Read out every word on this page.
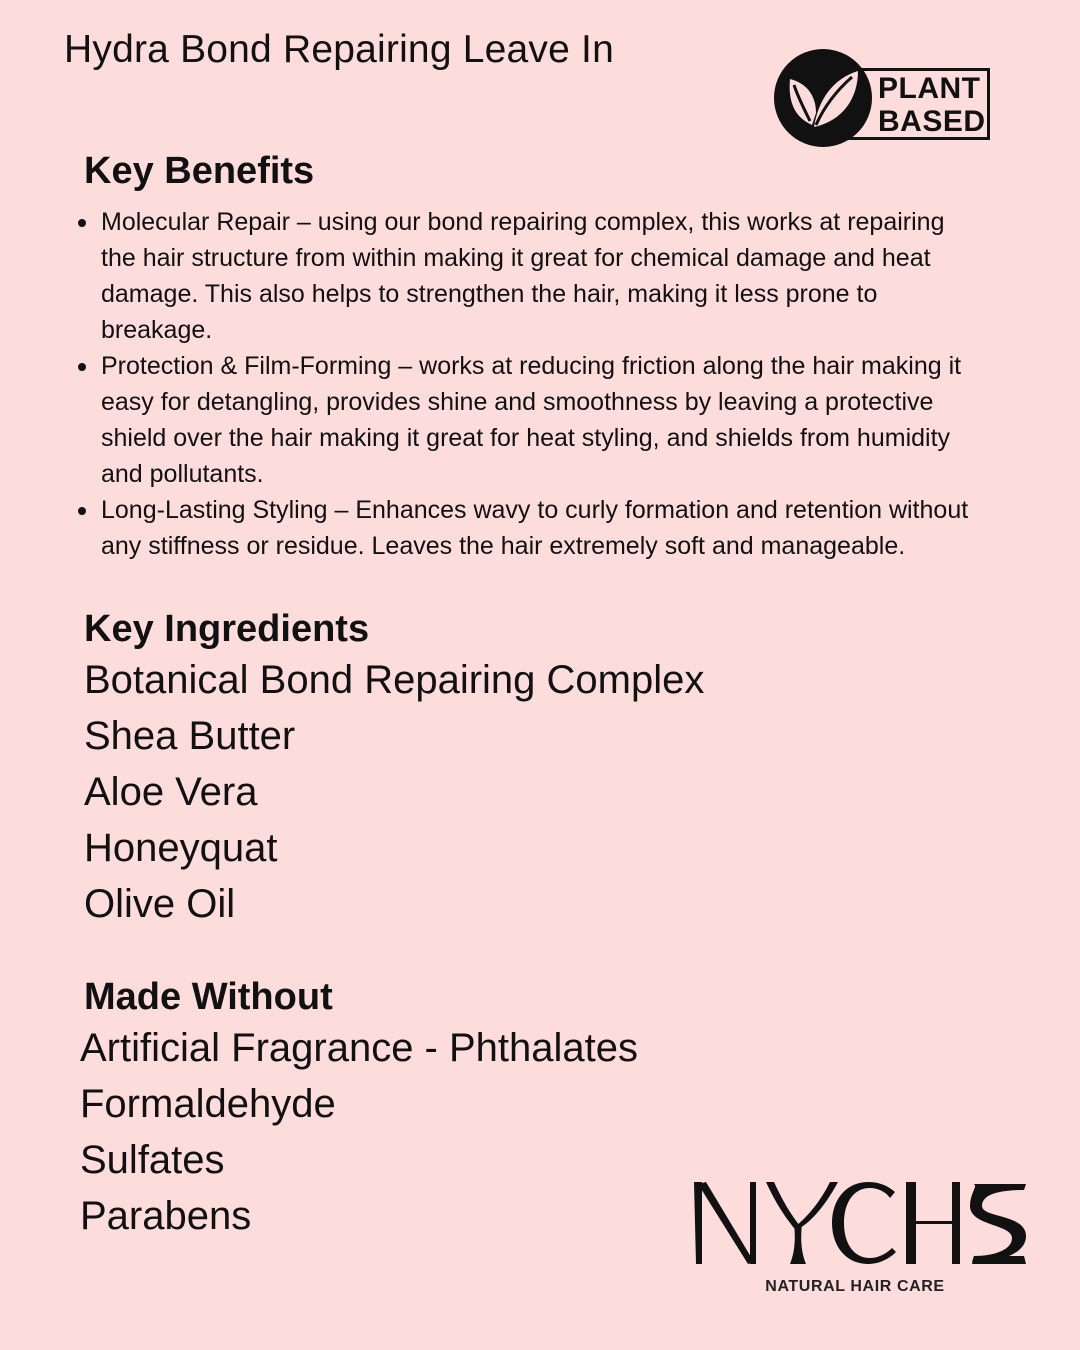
Hydra Bond Repairing Leave In
PLANT
BASED
Key Benefits
Molecular Repair – using our bond repairing complex, this works at repairing the hair structure from within making it great for chemical damage and heat damage. This also helps to strengthen the hair, making it less prone to breakage.
Protection & Film-Forming – works at reducing friction along the hair making it easy for detangling, provides shine and smoothness by leaving a protective shield over the hair making it great for heat styling, and shields from humidity and pollutants.
Long-Lasting Styling – Enhances wavy to curly formation and retention without any stiffness or residue. Leaves the hair extremely soft and manageable.
Key Ingredients
Botanical Bond Repairing Complex
Shea Butter
Aloe Vera
Honeyquat
Olive Oil
Made Without
Artificial Fragrance - Phthalates
Formaldehyde
Sulfates
Parabens
NATURAL HAIR CARE
